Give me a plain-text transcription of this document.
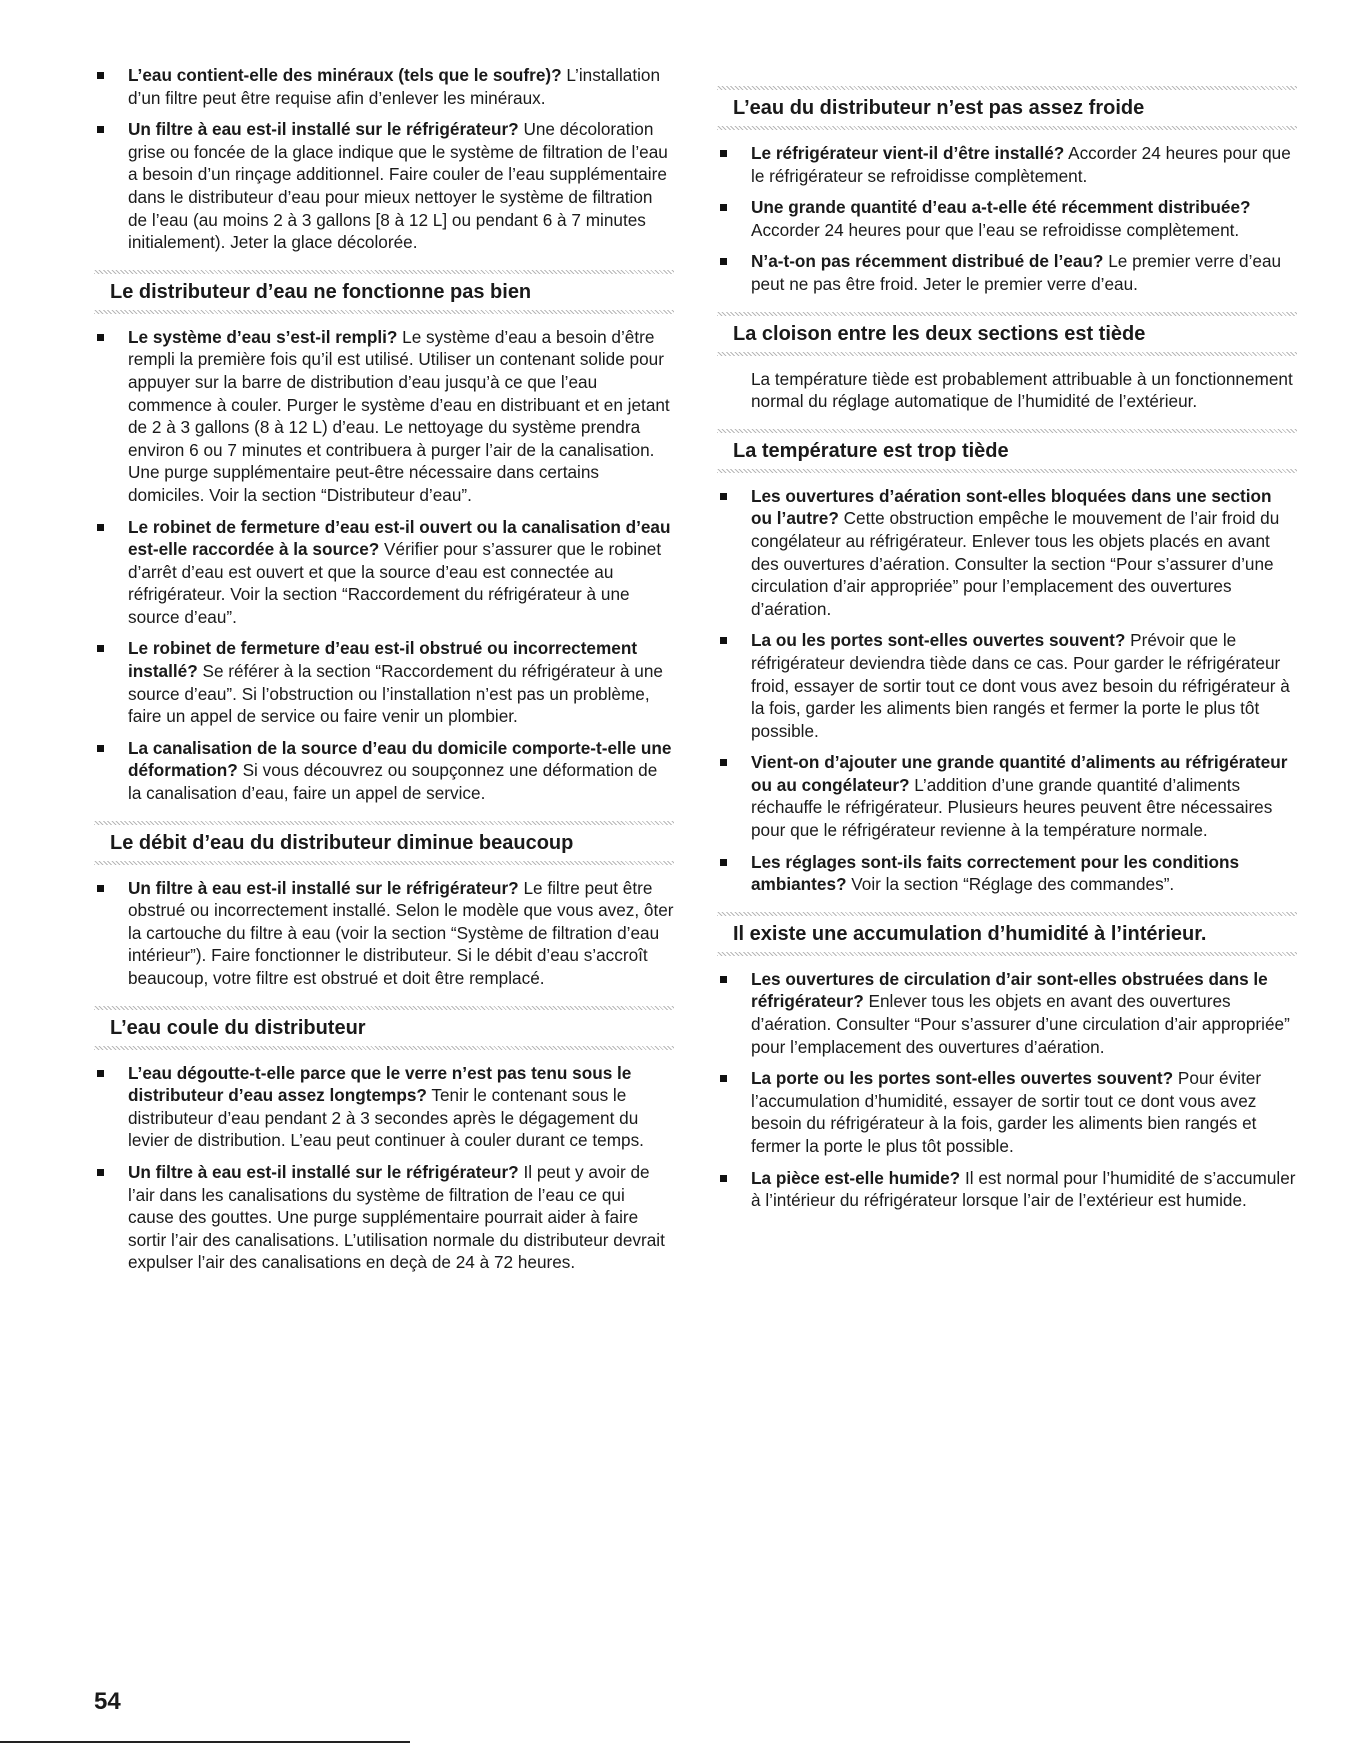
L’eau contient-elle des minéraux (tels que le soufre)? L’installation d’un filtre peut être requise afin d’enlever les minéraux.
Un filtre à eau est-il installé sur le réfrigérateur? Une décoloration grise ou foncée de la glace indique que le système de filtration de l’eau a besoin d’un rinçage additionnel. Faire couler de l’eau supplémentaire dans le distributeur d’eau pour mieux nettoyer le système de filtration de l’eau (au moins 2 à 3 gallons [8 à 12 L] ou pendant 6 à 7 minutes initialement). Jeter la glace décolorée.
Le distributeur d’eau ne fonctionne pas bien
Le système d’eau s’est-il rempli? Le système d’eau a besoin d’être rempli la première fois qu’il est utilisé. Utiliser un contenant solide pour appuyer sur la barre de distribution d’eau jusqu’à ce que l’eau commence à couler. Purger le système d’eau en distribuant et en jetant de 2 à 3 gallons (8 à 12 L) d’eau. Le nettoyage du système prendra environ 6 ou 7 minutes et contribuera à purger l’air de la canalisation. Une purge supplémentaire peut-être nécessaire dans certains domiciles. Voir la section “Distributeur d’eau”.
Le robinet de fermeture d’eau est-il ouvert ou la canalisation d’eau est-elle raccordée à la source? Vérifier pour s’assurer que le robinet d’arrêt d’eau est ouvert et que la source d’eau est connectée au réfrigérateur. Voir la section “Raccordement du réfrigérateur à une source d’eau”.
Le robinet de fermeture d’eau est-il obstrué ou incorrectement installé? Se référer à la section “Raccordement du réfrigérateur à une source d’eau”. Si l’obstruction ou l’installation n’est pas un problème, faire un appel de service ou faire venir un plombier.
La canalisation de la source d’eau du domicile comporte-t-elle une déformation? Si vous découvrez ou soupçonnez une déformation de la canalisation d’eau, faire un appel de service.
Le débit d’eau du distributeur diminue beaucoup
Un filtre à eau est-il installé sur le réfrigérateur? Le filtre peut être obstrué ou incorrectement installé. Selon le modèle que vous avez, ôter la cartouche du filtre à eau (voir la section “Système de filtration d’eau intérieur”). Faire fonctionner le distributeur. Si le débit d’eau s’accroît beaucoup, votre filtre est obstrué et doit être remplacé.
L’eau coule du distributeur
L’eau dégoutte-t-elle parce que le verre n’est pas tenu sous le distributeur d’eau assez longtemps? Tenir le contenant sous le distributeur d’eau pendant 2 à 3 secondes après le dégagement du levier de distribution. L’eau peut continuer à couler durant ce temps.
Un filtre à eau est-il installé sur le réfrigérateur? Il peut y avoir de l’air dans les canalisations du système de filtration de l’eau ce qui cause des gouttes. Une purge supplémentaire pourrait aider à faire sortir l’air des canalisations. L’utilisation normale du distributeur devrait expulser l’air des canalisations en deçà de 24 à 72 heures.
L’eau du distributeur n’est pas assez froide
Le réfrigérateur vient-il d’être installé? Accorder 24 heures pour que le réfrigérateur se refroidisse complètement.
Une grande quantité d’eau a-t-elle été récemment distribuée? Accorder 24 heures pour que l’eau se refroidisse complètement.
N’a-t-on pas récemment distribué de l’eau? Le premier verre d’eau peut ne pas être froid. Jeter le premier verre d’eau.
La cloison entre les deux sections est tiède
La température tiède est probablement attribuable à un fonctionnement normal du réglage automatique de l’humidité de l’extérieur.
La température est trop tiède
Les ouvertures d’aération sont-elles bloquées dans une section ou l’autre? Cette obstruction empêche le mouvement de l’air froid du congélateur au réfrigérateur. Enlever tous les objets placés en avant des ouvertures d’aération. Consulter la section “Pour s’assurer d’une circulation d’air appropriée” pour l’emplacement des ouvertures d’aération.
La ou les portes sont-elles ouvertes souvent? Prévoir que le réfrigérateur deviendra tiède dans ce cas. Pour garder le réfrigérateur froid, essayer de sortir tout ce dont vous avez besoin du réfrigérateur à la fois, garder les aliments bien rangés et fermer la porte le plus tôt possible.
Vient-on d’ajouter une grande quantité d’aliments au réfrigérateur ou au congélateur? L’addition d’une grande quantité d’aliments réchauffe le réfrigérateur. Plusieurs heures peuvent être nécessaires pour que le réfrigérateur revienne à la température normale.
Les réglages sont-ils faits correctement pour les conditions ambiantes? Voir la section “Réglage des commandes”.
Il existe une accumulation d’humidité à l’intérieur.
Les ouvertures de circulation d’air sont-elles obstruées dans le réfrigérateur? Enlever tous les objets en avant des ouvertures d’aération. Consulter “Pour s’assurer d’une circulation d’air appropriée” pour l’emplacement des ouvertures d’aération.
La porte ou les portes sont-elles ouvertes souvent? Pour éviter l’accumulation d’humidité, essayer de sortir tout ce dont vous avez besoin du réfrigérateur à la fois, garder les aliments bien rangés et fermer la porte le plus tôt possible.
La pièce est-elle humide? Il est normal pour l’humidité de s’accumuler à l’intérieur du réfrigérateur lorsque l’air de l’extérieur est humide.
54
